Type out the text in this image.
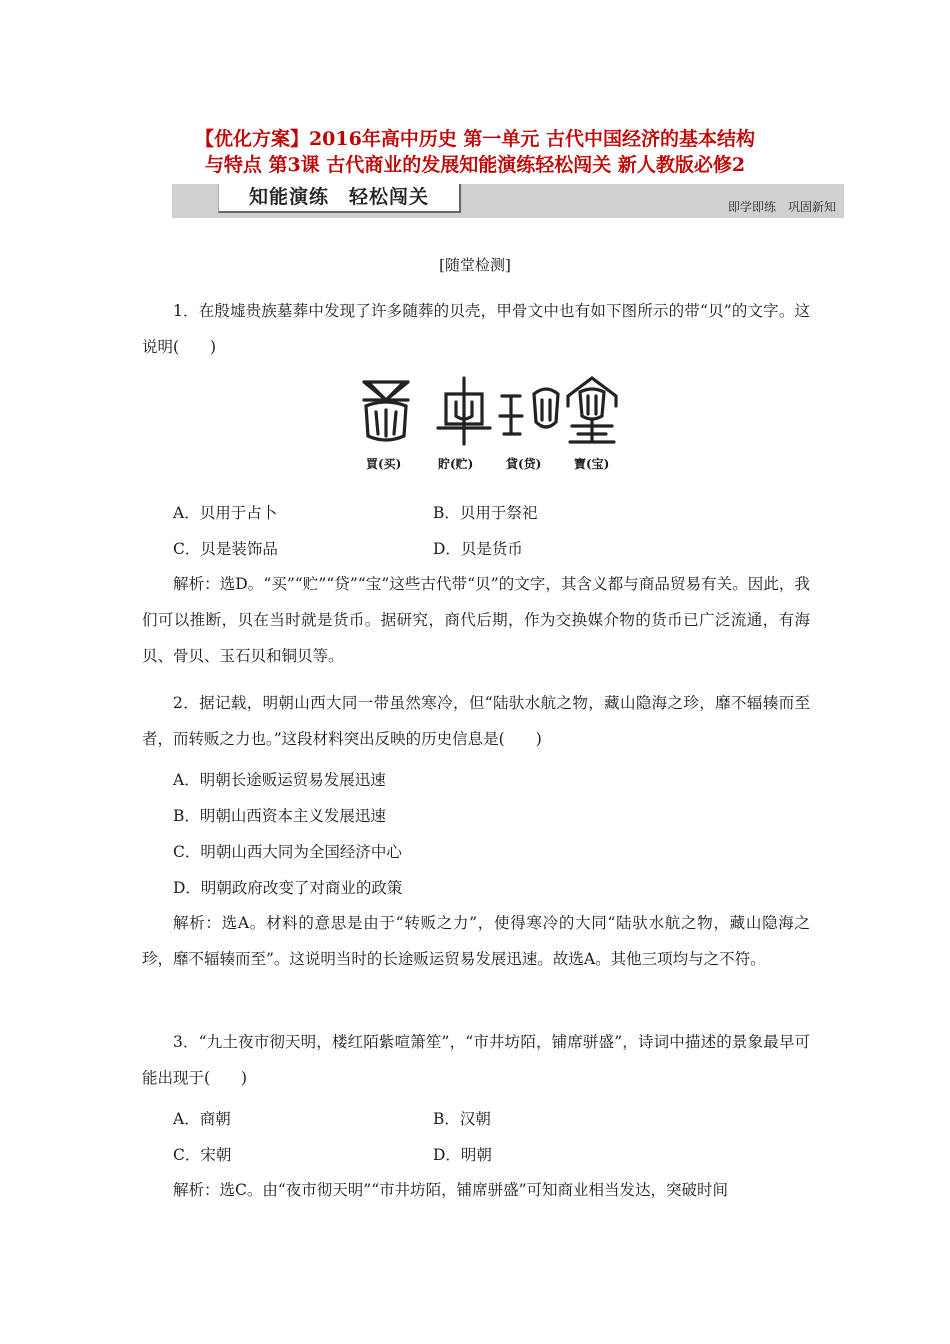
【优化方案】2016年高中历史 第一单元 古代中国经济的基本结构
与特点 第3课 古代商业的发展知能演练轻松闯关 新人教版必修2
知能演练　轻松闯关	即学即练　巩固新知
[随堂检测]
1．在殷墟贵族墓葬中发现了许多随葬的贝壳，甲骨文中也有如下图所示的带“贝”的文字。这说明(　　)
買(买)	貯(贮)	貸(贷)	寶(宝)
A．贝用于占卜	B．贝用于祭祀
C．贝是装饰品	D．贝是货币
解析：选D。“买”“贮”“贷”“宝”这些古代带“贝”的文字，其含义都与商品贸易有关。因此，我们可以推断，贝在当时就是货币。据研究，商代后期，作为交换媒介物的货币已广泛流通，有海贝、骨贝、玉石贝和铜贝等。
2．据记载，明朝山西大同一带虽然寒冷，但“陆驮水航之物，藏山隐海之珍，靡不辐辏而至者，而转贩之力也。”这段材料突出反映的历史信息是(　　)
A．明朝长途贩运贸易发展迅速
B．明朝山西资本主义发展迅速
C．明朝山西大同为全国经济中心
D．明朝政府改变了对商业的政策
解析：选A。材料的意思是由于“转贩之力”，使得寒冷的大同“陆驮水航之物，藏山隐海之珍，靡不辐辏而至”。这说明当时的长途贩运贸易发展迅速。故选A。其他三项均与之不符。
3．“九土夜市彻天明，楼红陌紫喧箫笙”，“市井坊陌，铺席骈盛”，诗词中描述的景象最早可能出现于(　　)
A．商朝	B．汉朝
C．宋朝	D．明朝
解析：选C。由“夜市彻天明”“市井坊陌，铺席骈盛”可知商业相当发达，突破时间
